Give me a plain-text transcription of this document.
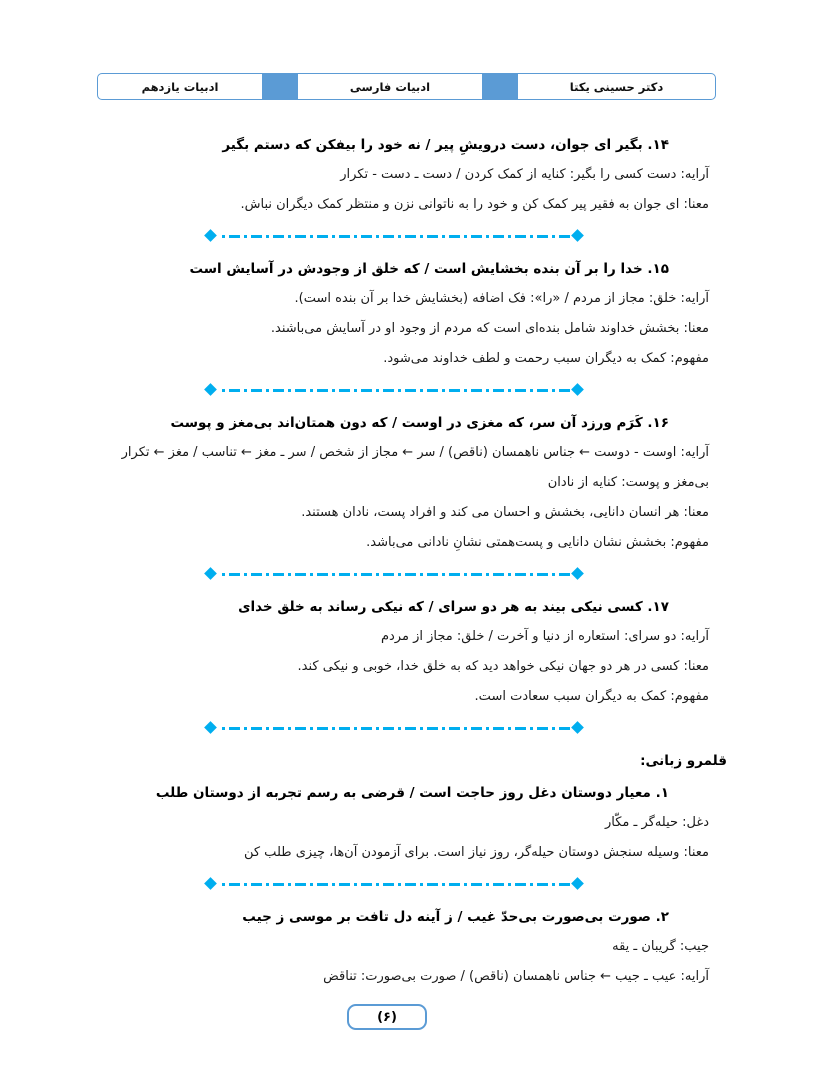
دکتر حسینی یکتا
ادبیات فارسی
ادبیات یازدهم
۱۴. بگیر ای جوان، دست درویشِ پیر / نه خود را بیفکن که دستم بگیر
آرایه: دست کسی را بگیر: کنایه از کمک کردن / دست ـ دست - تکرار
معنا: ای جوان به فقیر پیر کمک کن و خود را به ناتوانی نزن و منتظر کمک دیگران نباش.
۱۵. خدا را بر آن بنده بخشایش است / که خلق از وجودش در آسایش است
آرایه: خلق: مجاز از مردم / «را»: فک اضافه (بخشایش خدا بر آن بنده است).
معنا: بخشش خداوند شامل بنده‌ای است که مردم از وجود او در آسایش می‌باشند.
مفهوم: کمک به دیگران سبب رحمت و لطف خداوند می‌شود.
۱۶. کَرَم ورزد آن سر، که مغزی در اوست / که دون همتان‌اند بی‌مغز و پوست
آرایه: اوست - دوست ← جناس ناهمسان (ناقص) / سر ← مجاز از شخص / سر ـ مغز ← تناسب / مغز ← تکرار
بی‌مغز و پوست: کنایه از نادان
معنا: هر انسان دانایی، بخشش و احسان می کند و افراد پست، نادان هستند.
مفهوم: بخشش نشان دانایی و پست‌همتی نشانِ نادانی می‌باشد.
۱۷. کسی نیکی بیند به هر دو سرای / که نیکی رساند به خلق خدای
آرایه: دو سرای: استعاره از دنیا و آخرت / خلق: مجاز از مردم
معنا: کسی در هر دو جهان نیکی خواهد دید که به خلق خدا، خوبی و نیکی کند.
مفهوم: کمک به دیگران سبب سعادت است.
قلمرو زبانی:
۱. معیار دوستان دغل روز حاجت است / قرضی به رسم تجربه از دوستان طلب
دغل: حیله‌گر ـ مکّار
معنا: وسیله سنجش دوستان حیله‌گر، روز نیاز است. برای آزمودن آن‌ها، چیزی طلب کن
۲. صورت بی‌صورت بی‌حدّ غیب / ز آینه دل تافت بر موسی ز جیب
جیب: گریبان ـ یقه
آرایه: عیب ـ جیب ← جناس ناهمسان (ناقص) / صورت بی‌صورت: تناقض
(۶)
